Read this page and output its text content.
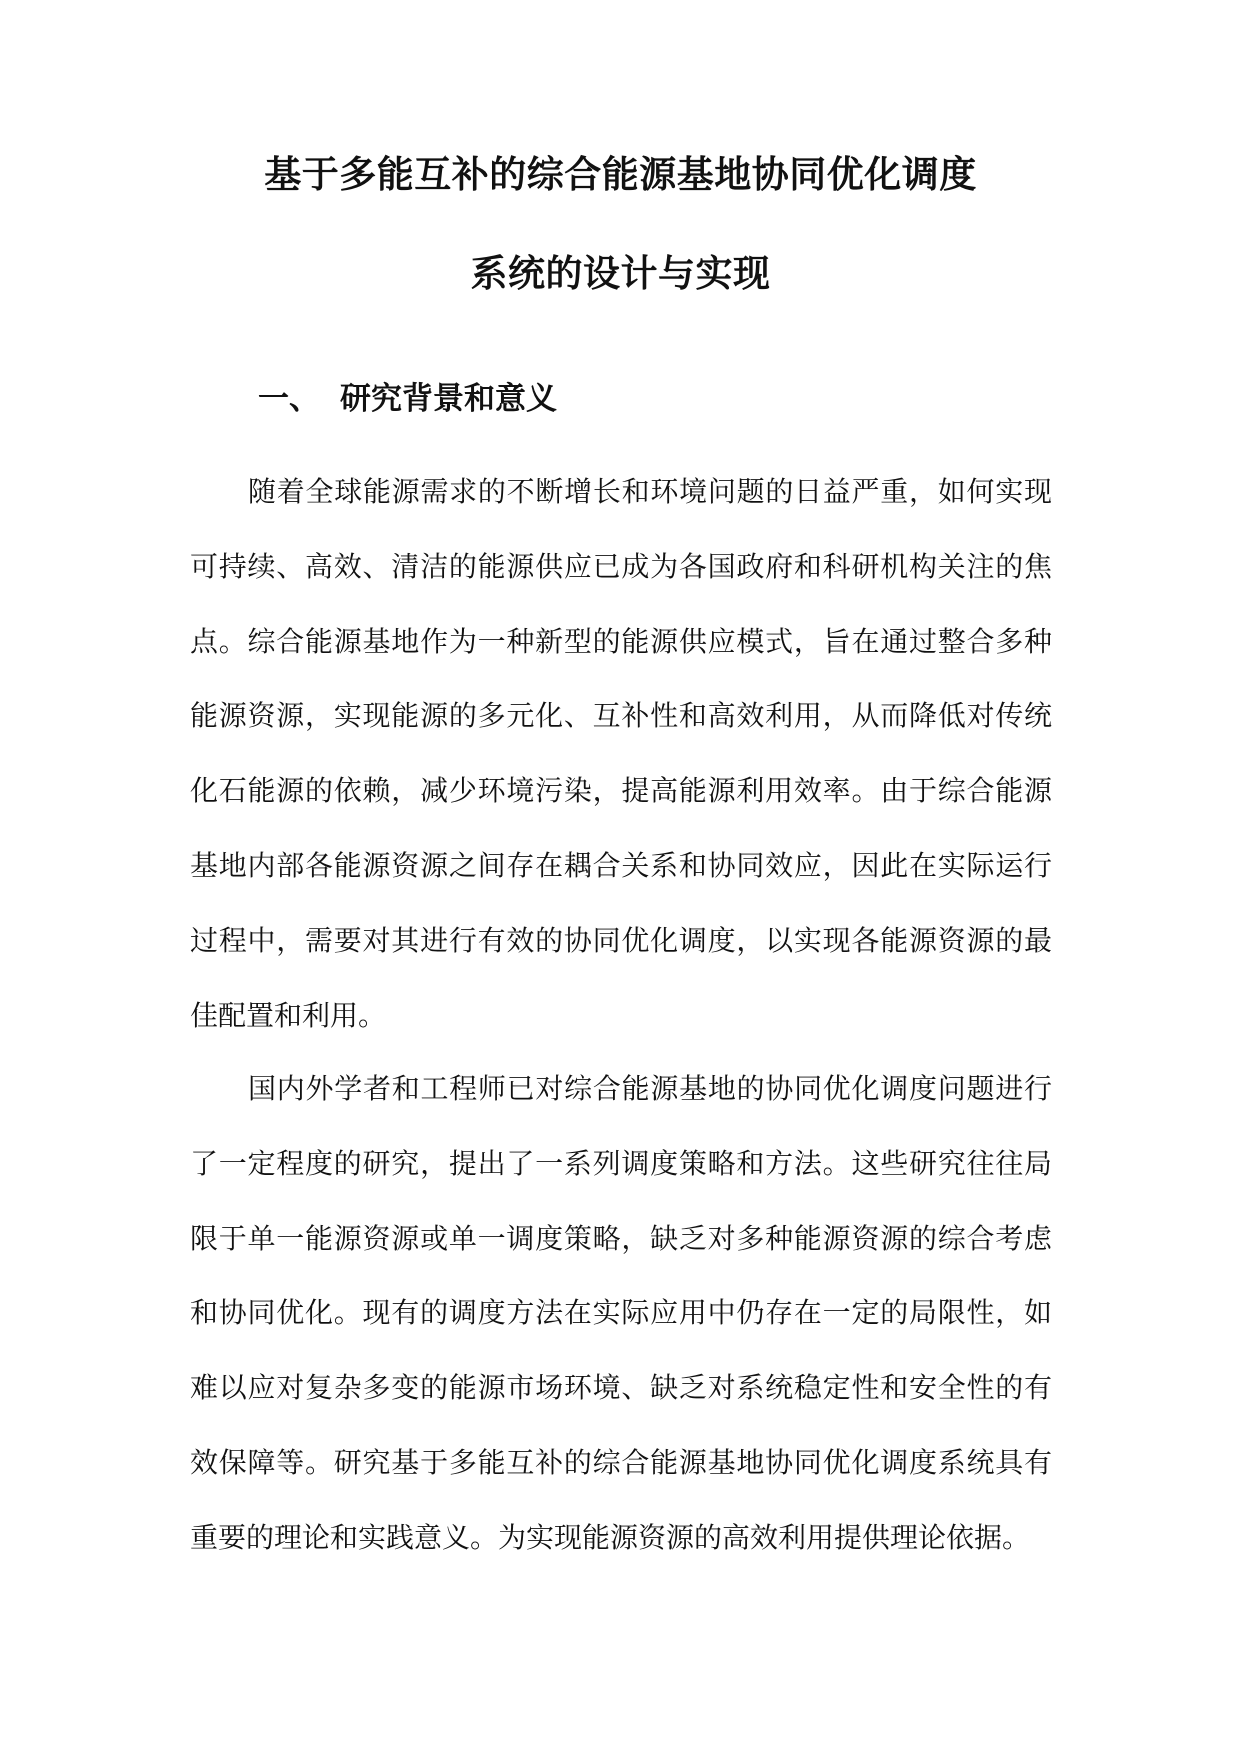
基于多能互补的综合能源基地协同优化调度
系统的设计与实现
一、 研究背景和意义

随着全球能源需求的不断增长和环境问题的日益严重，如何实现可持续、高效、清洁的能源供应已成为各国政府和科研机构关注的焦点。综合能源基地作为一种新型的能源供应模式，旨在通过整合多种能源资源，实现能源的多元化、互补性和高效利用，从而降低对传统化石能源的依赖，减少环境污染，提高能源利用效率。由于综合能源基地内部各能源资源之间存在耦合关系和协同效应，因此在实际运行过程中，需要对其进行有效的协同优化调度，以实现各能源资源的最佳配置和利用。

国内外学者和工程师已对综合能源基地的协同优化调度问题进行了一定程度的研究，提出了一系列调度策略和方法。这些研究往往局限于单一能源资源或单一调度策略，缺乏对多种能源资源的综合考虑和协同优化。现有的调度方法在实际应用中仍存在一定的局限性，如难以应对复杂多变的能源市场环境、缺乏对系统稳定性和安全性的有效保障等。研究基于多能互补的综合能源基地协同优化调度系统具有重要的理论和实践意义。为实现能源资源的高效利用提供理论依据。
